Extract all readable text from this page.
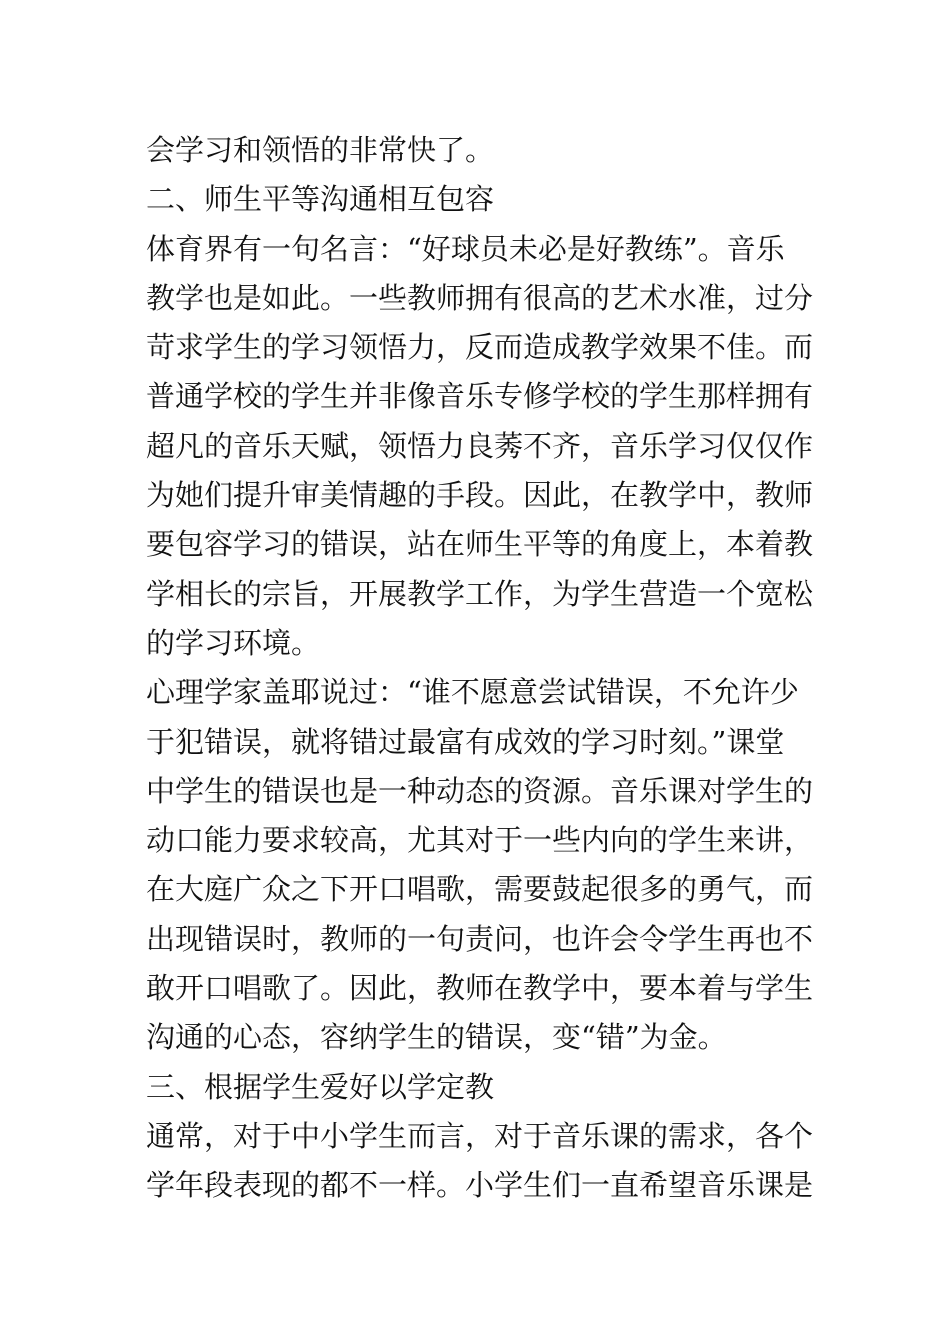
会学习和领悟的非常快了。
二、师生平等沟通相互包容
体育界有一句名言：“好球员未必是好教练”。音乐
教学也是如此。一些教师拥有很高的艺术水准，过分
苛求学生的学习领悟力，反而造成教学效果不佳。而
普通学校的学生并非像音乐专修学校的学生那样拥有
超凡的音乐天赋，领悟力良莠不齐，音乐学习仅仅作
为她们提升审美情趣的手段。因此，在教学中，教师
要包容学习的错误，站在师生平等的角度上，本着教
学相长的宗旨，开展教学工作，为学生营造一个宽松
的学习环境。
心理学家盖耶说过：“谁不愿意尝试错误，不允许少
于犯错误，就将错过最富有成效的学习时刻。”课堂
中学生的错误也是一种动态的资源。音乐课对学生的
动口能力要求较高，尤其对于一些内向的学生来讲，
在大庭广众之下开口唱歌，需要鼓起很多的勇气，而
出现错误时，教师的一句责问，也许会令学生再也不
敢开口唱歌了。因此，教师在教学中，要本着与学生
沟通的心态，容纳学生的错误，变“错”为金。
三、根据学生爱好以学定教
通常，对于中小学生而言，对于音乐课的需求，各个
学年段表现的都不一样。小学生们一直希望音乐课是
